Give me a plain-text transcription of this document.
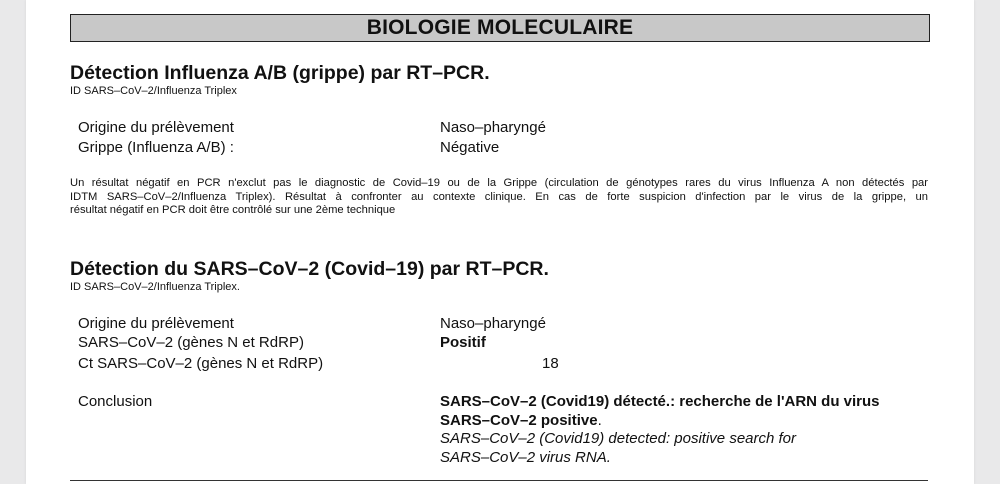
BIOLOGIE MOLECULAIRE
Détection Influenza A/B (grippe) par RT–PCR.
ID SARS–CoV–2/Influenza Triplex
Origine du prélèvement	Naso–pharyngé
Grippe (Influenza A/B) :	Négative
Un résultat négatif en PCR n'exclut pas le diagnostic de Covid–19 ou de la Grippe (circulation de génotypes rares du virus Influenza A non détectés par
IDTM SARS–CoV–2/Influenza Triplex). Résultat à confronter au contexte clinique. En cas de forte suspicion d'infection par le virus de la grippe, un
résultat négatif en PCR doit être contrôlé sur une 2ème technique
Détection du SARS–CoV–2 (Covid–19) par RT–PCR.
ID SARS–CoV–2/Influenza Triplex.
Origine du prélèvement	Naso–pharyngé
SARS–CoV–2 (gènes N et RdRP)	Positif
Ct SARS–CoV–2 (gènes N et RdRP)	18
Conclusion	SARS–CoV–2 (Covid19) détecté.: recherche de l'ARN du virus
SARS–CoV–2 positive.
SARS–CoV–2 (Covid19) detected: positive search for
SARS–CoV–2 virus RNA.
